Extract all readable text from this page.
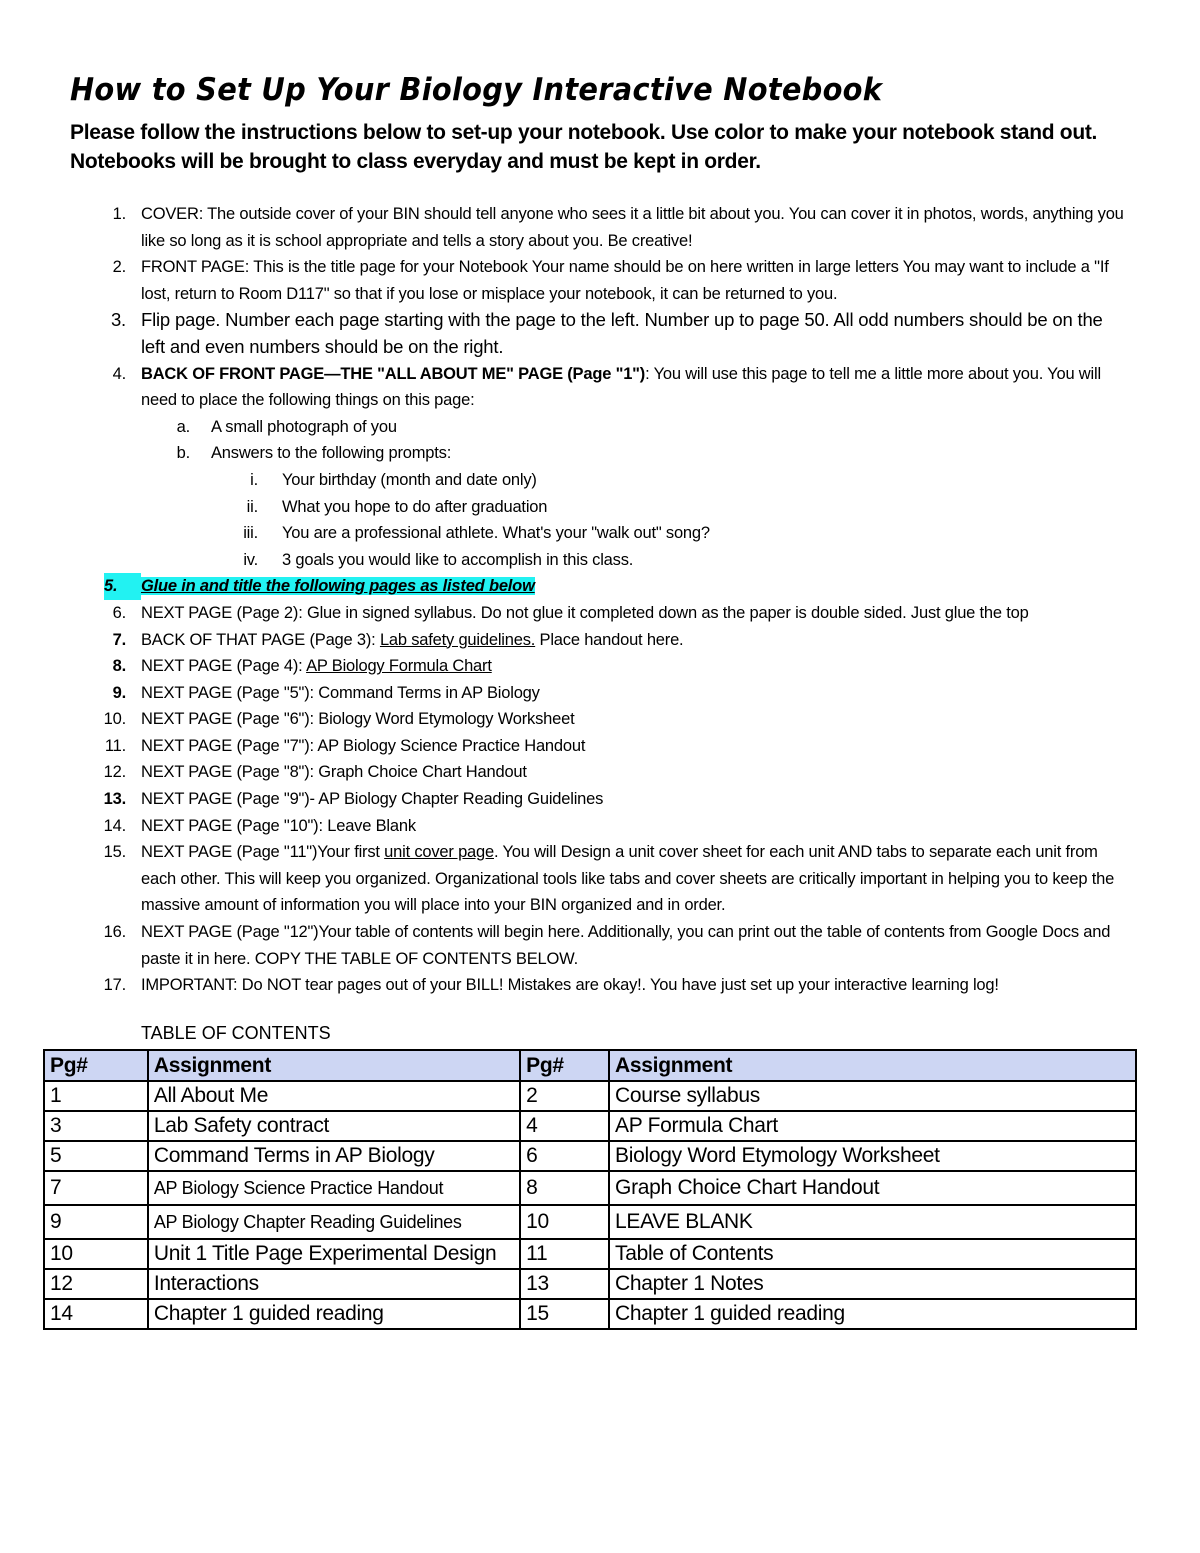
How to Set Up Your Biology Interactive Notebook
Please follow the instructions below to set-up your notebook. Use color to make your notebook stand out.
Notebooks will be brought to class everyday and must be kept in order.
1. COVER: The outside cover of your BIN should tell anyone who sees it a little bit about you. You can cover it in photos, words, anything you like so long as it is school appropriate and tells a story about you. Be creative!
2. FRONT PAGE: This is the title page for your Notebook Your name should be on here written in large letters You may want to include a "If lost, return to Room D117" so that if you lose or misplace your notebook, it can be returned to you.
3. Flip page. Number each page starting with the page to the left. Number up to page 50. All odd numbers should be on the left and even numbers should be on the right.
4. BACK OF FRONT PAGE—THE "ALL ABOUT ME" PAGE (Page "1"): You will use this page to tell me a little more about you. You will need to place the following things on this page:
a. A small photograph of you
b. Answers to the following prompts:
i. Your birthday (month and date only)
ii. What you hope to do after graduation
iii. You are a professional athlete. What's your "walk out" song?
iv. 3 goals you would like to accomplish in this class.
5.	Glue in and title the following pages as listed below
6. NEXT PAGE (Page 2): Glue in signed syllabus. Do not glue it completed down as the paper is double sided. Just glue the top
7. BACK OF THAT PAGE (Page 3): Lab safety guidelines. Place handout here.
8. NEXT PAGE (Page 4): AP Biology Formula Chart
9. NEXT PAGE (Page "5"): Command Terms in AP Biology
10. NEXT PAGE (Page "6"): Biology Word Etymology Worksheet
11. NEXT PAGE (Page "7"): AP Biology Science Practice Handout
12. NEXT PAGE (Page "8"): Graph Choice Chart Handout
13. NEXT PAGE (Page "9")- AP Biology Chapter Reading Guidelines
14. NEXT PAGE (Page "10"): Leave Blank
15. NEXT PAGE (Page "11")Your first unit cover page. You will Design a unit cover sheet for each unit AND tabs to separate each unit from each other. This will keep you organized. Organizational tools like tabs and cover sheets are critically important in helping you to keep the massive amount of information you will place into your BIN organized and in order.
16. NEXT PAGE (Page "12")Your table of contents will begin here. Additionally, you can print out the table of contents from Google Docs and paste it in here. COPY THE TABLE OF CONTENTS BELOW.
17. IMPORTANT: Do NOT tear pages out of your BILL! Mistakes are okay!. You have just set up your interactive learning log!
TABLE OF CONTENTS
Pg#	Assignment	Pg#	Assignment
1	All About Me	2	Course syllabus
3	Lab Safety contract	4	AP Formula Chart
5	Command Terms in AP Biology	6	Biology Word Etymology Worksheet
7	AP Biology Science Practice Handout	8	Graph Choice Chart Handout
9	AP Biology Chapter Reading Guidelines	10	LEAVE BLANK
10	Unit 1 Title Page Experimental Design	11	Table of Contents
12	Interactions	13	Chapter 1 Notes
14	Chapter 1 guided reading	15	Chapter 1 guided reading
